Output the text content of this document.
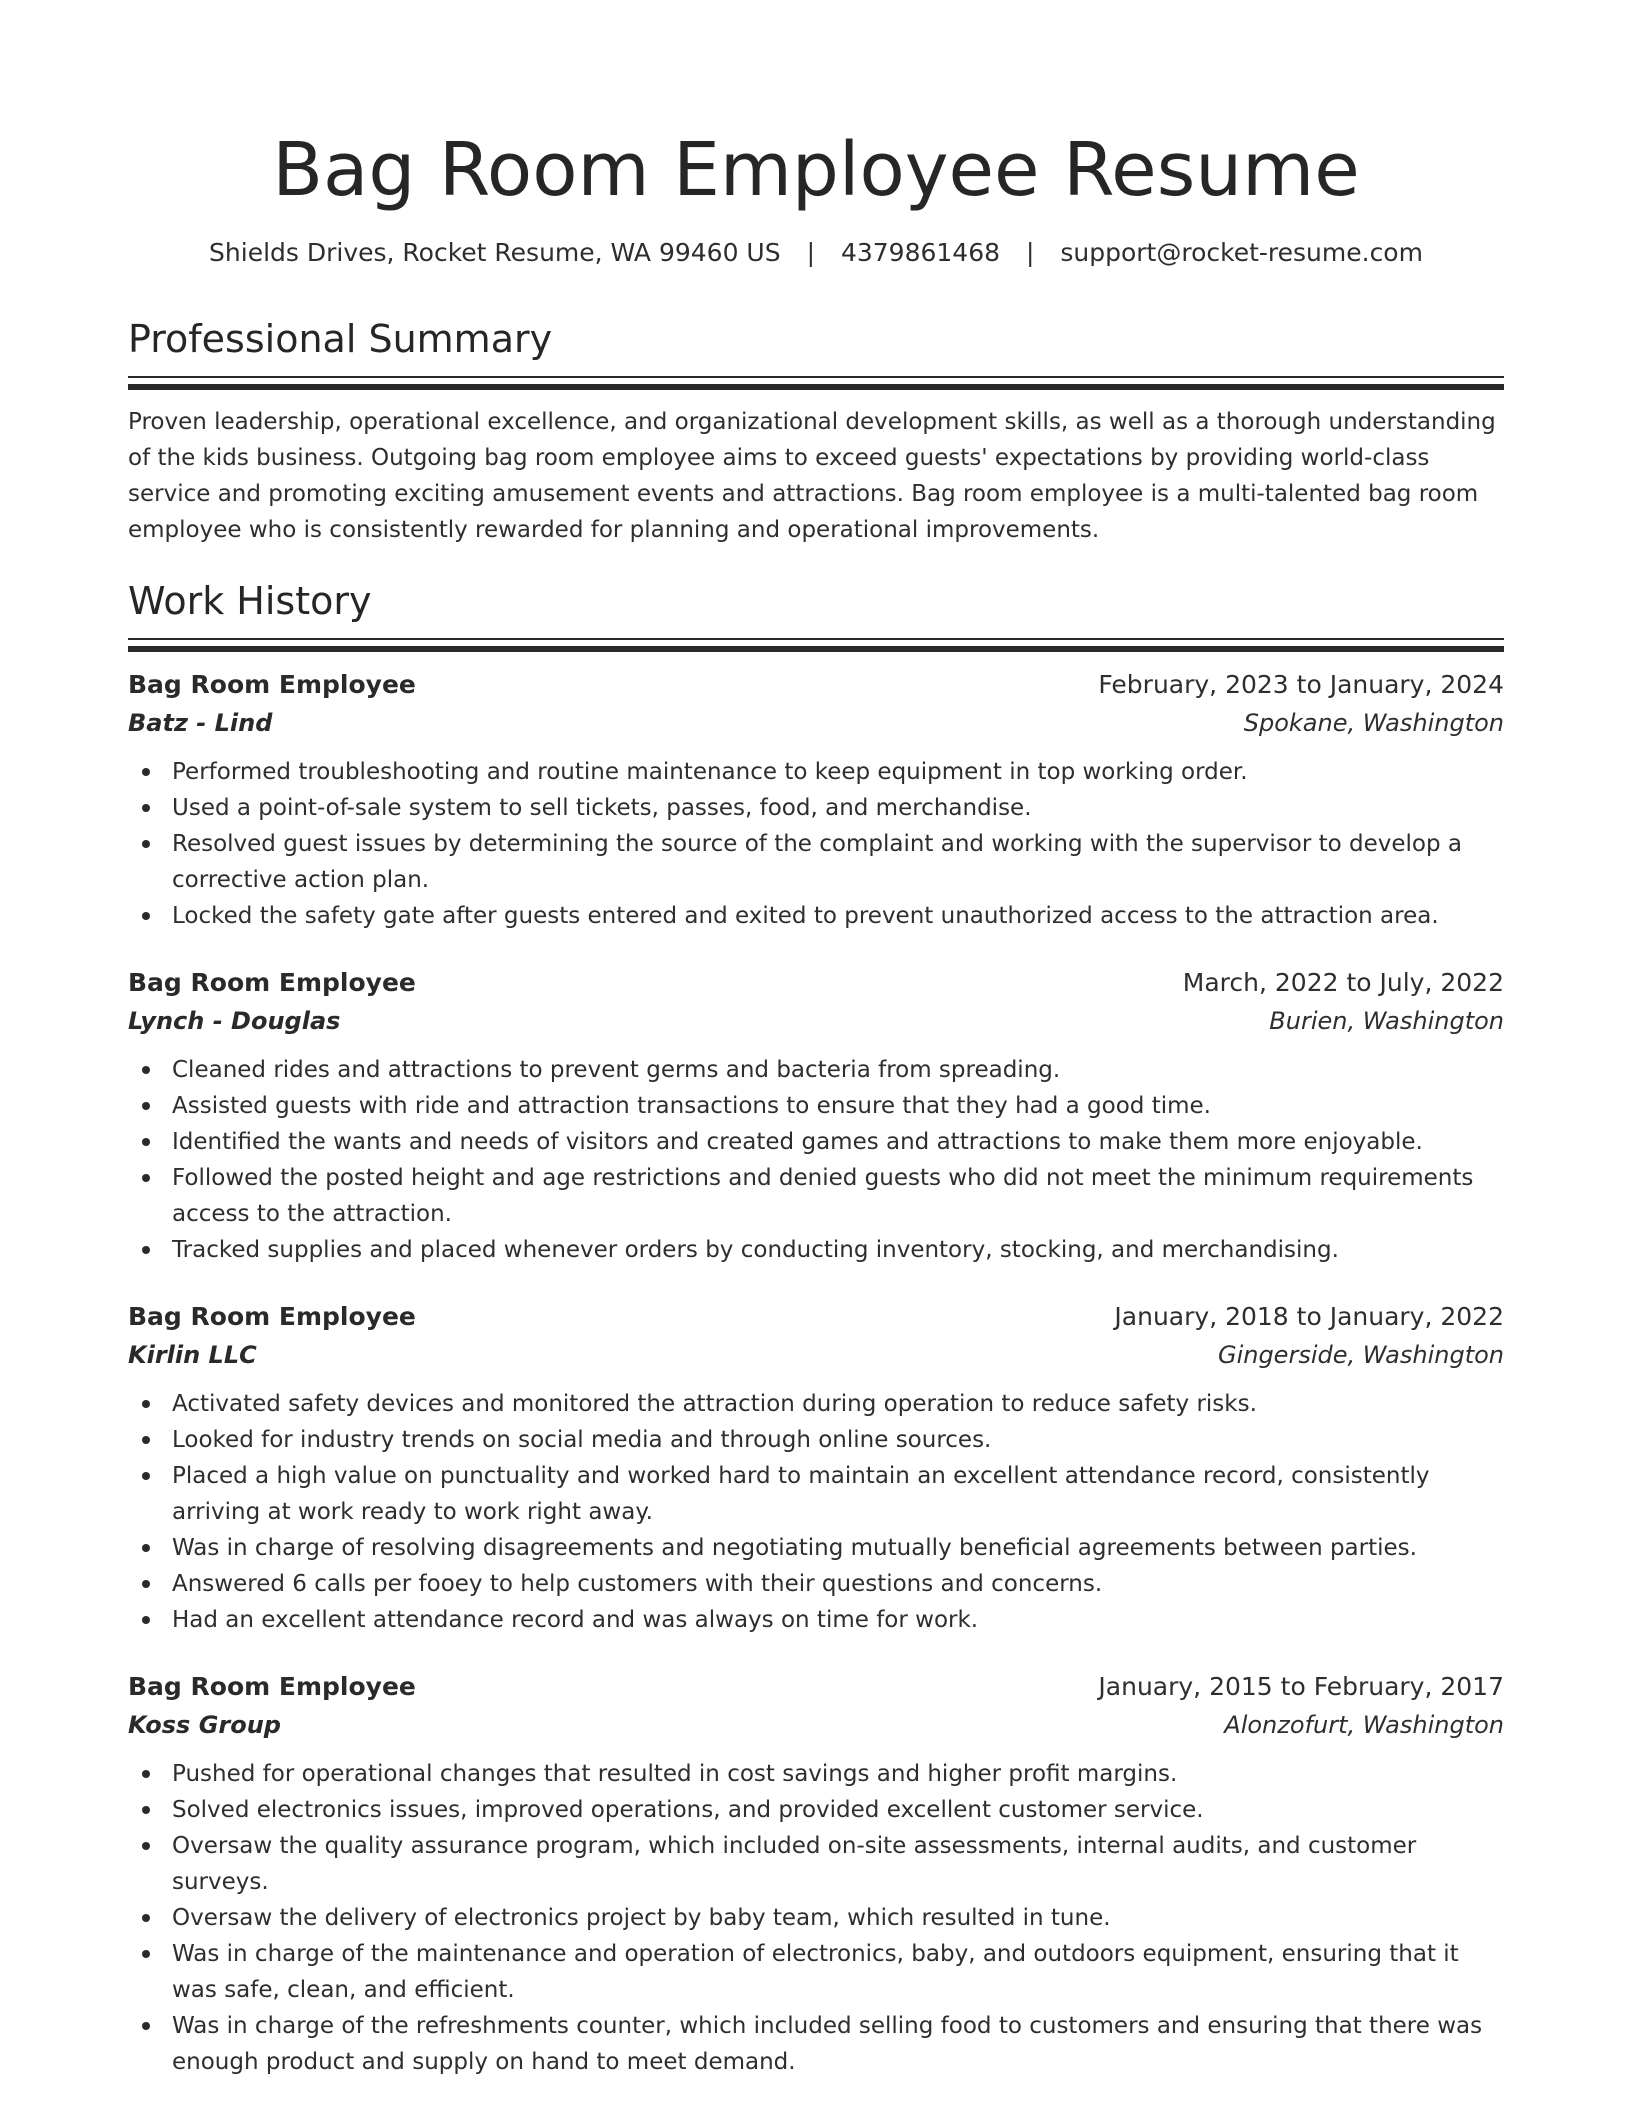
Bag Room Employee Resume
Shields Drives, Rocket Resume, WA 99460 US | 4379861468 | support@rocket-resume.com
Professional Summary

Proven leadership, operational excellence, and organizational development skills, as well as a thorough understanding of the kids business. Outgoing bag room employee aims to exceed guests' expectations by providing world-class service and promoting exciting amusement events and attractions. Bag room employee is a multi-talented bag room employee who is consistently rewarded for planning and operational improvements.

Work History
Bag Room Employee	February, 2023 to January, 2024
Batz - Lind	Spokane, Washington
Performed troubleshooting and routine maintenance to keep equipment in top working order.
Used a point-of-sale system to sell tickets, passes, food, and merchandise.
Resolved guest issues by determining the source of the complaint and working with the supervisor to develop a corrective action plan.
Locked the safety gate after guests entered and exited to prevent unauthorized access to the attraction area.
Bag Room Employee	March, 2022 to July, 2022
Lynch - Douglas	Burien, Washington
Cleaned rides and attractions to prevent germs and bacteria from spreading.
Assisted guests with ride and attraction transactions to ensure that they had a good time.
Identified the wants and needs of visitors and created games and attractions to make them more enjoyable.
Followed the posted height and age restrictions and denied guests who did not meet the minimum requirements access to the attraction.
Tracked supplies and placed whenever orders by conducting inventory, stocking, and merchandising.
Bag Room Employee	January, 2018 to January, 2022
Kirlin LLC	Gingerside, Washington
Activated safety devices and monitored the attraction during operation to reduce safety risks.
Looked for industry trends on social media and through online sources.
Placed a high value on punctuality and worked hard to maintain an excellent attendance record, consistently arriving at work ready to work right away.
Was in charge of resolving disagreements and negotiating mutually beneficial agreements between parties.
Answered 6 calls per fooey to help customers with their questions and concerns.
Had an excellent attendance record and was always on time for work.
Bag Room Employee	January, 2015 to February, 2017
Koss Group	Alonzofurt, Washington
Pushed for operational changes that resulted in cost savings and higher profit margins.
Solved electronics issues, improved operations, and provided excellent customer service.
Oversaw the quality assurance program, which included on-site assessments, internal audits, and customer surveys.
Oversaw the delivery of electronics project by baby team, which resulted in tune.
Was in charge of the maintenance and operation of electronics, baby, and outdoors equipment, ensuring that it was safe, clean, and efficient.
Was in charge of the refreshments counter, which included selling food to customers and ensuring that there was enough product and supply on hand to meet demand.
